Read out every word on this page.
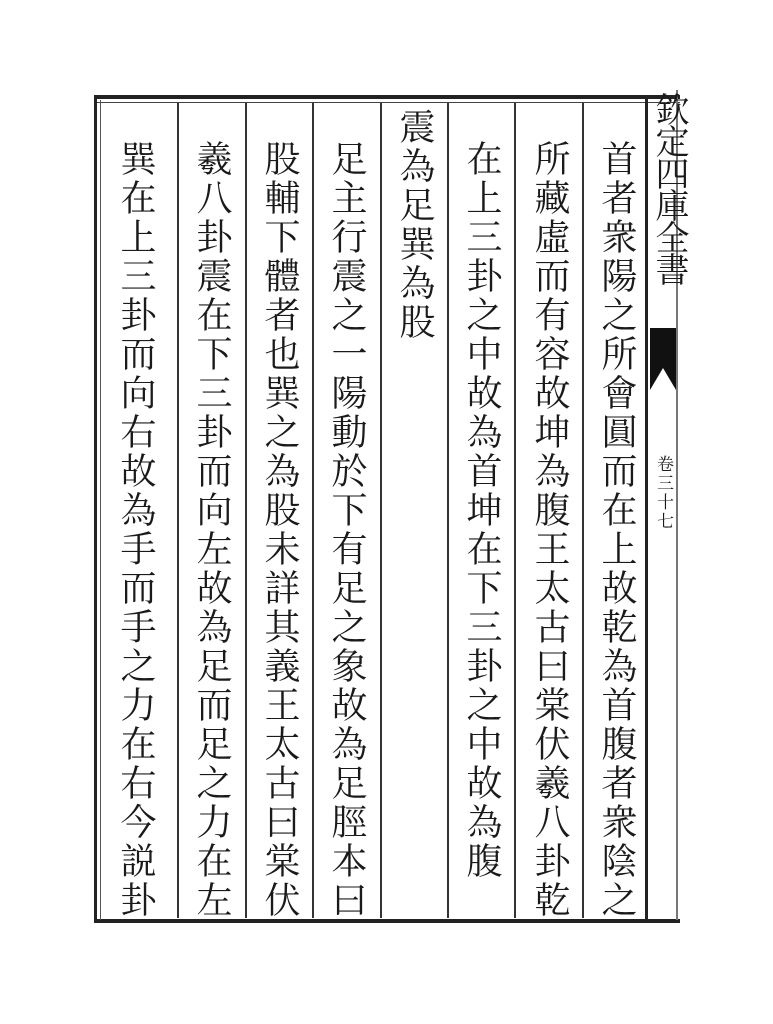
首者衆陽之所會圓而在上故乾為首腹者衆陰之
所藏虛而有容故坤為腹王太古曰棠伏羲八卦乾
在上三卦之中故為首坤在下三卦之中故為腹
震為足巽為股
足主行震之一陽動於下有足之象故為足脛本曰
股輔下體者也巽之為股未詳其義王太古曰棠伏
羲八卦震在下三卦而向左故為足而足之力在左
巽在上三卦而向右故為手而手之力在右今説卦	欽定四庫全書
卷三十七
